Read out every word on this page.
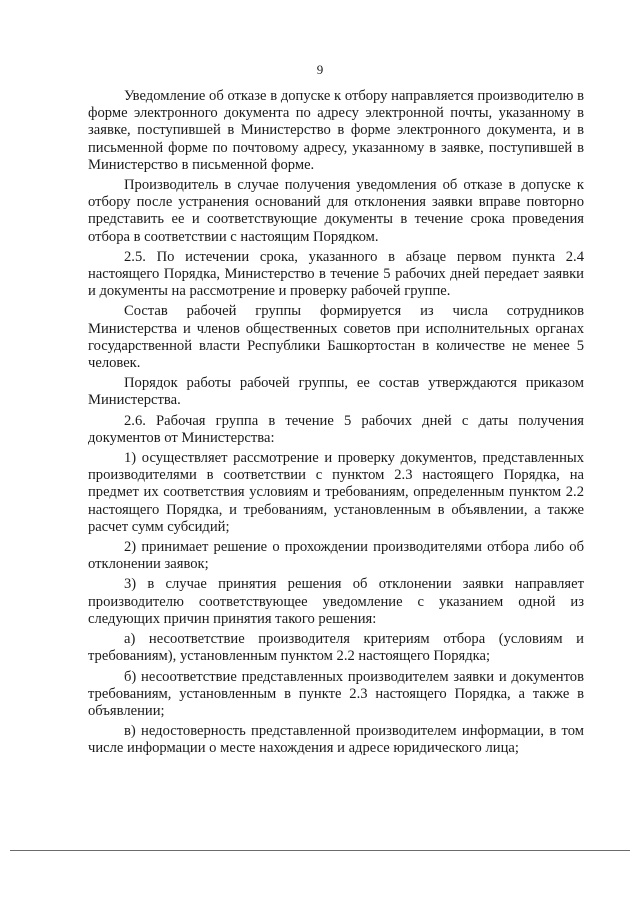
9

Уведомление об отказе в допуске к отбору направляется производителю в форме электронного документа по адресу электронной почты, указанному в заявке, поступившей в Министерство в форме электронного документа, и в письменной форме по почтовому адресу, указанному в заявке, поступившей в Министерство в письменной форме.

Производитель в случае получения уведомления об отказе в допуске к отбору после устранения оснований для отклонения заявки вправе повторно представить ее и соответствующие документы в течение срока проведения отбора в соответствии с настоящим Порядком.

2.5. По истечении срока, указанного в абзаце первом пункта 2.4 настоящего Порядка, Министерство в течение 5 рабочих дней передает заявки и документы на рассмотрение и проверку рабочей группе.

Состав рабочей группы формируется из числа сотрудников Министерства и членов общественных советов при исполнительных органах государственной власти Республики Башкортостан в количестве не менее 5 человек.

Порядок работы рабочей группы, ее состав утверждаются приказом Министерства.

2.6. Рабочая группа в течение 5 рабочих дней с даты получения документов от Министерства:

1) осуществляет рассмотрение и проверку документов, представленных производителями в соответствии с пунктом 2.3 настоящего Порядка, на предмет их соответствия условиям и требованиям, определенным пунктом 2.2 настоящего Порядка, и требованиям, установленным в объявлении, а также расчет сумм субсидий;

2) принимает решение о прохождении производителями отбора либо об отклонении заявок;

3) в случае принятия решения об отклонении заявки направляет производителю соответствующее уведомление с указанием одной из следующих причин принятия такого решения:

а) несоответствие производителя критериям отбора (условиям и требованиям), установленным пунктом 2.2 настоящего Порядка;

б) несоответствие представленных производителем заявки и документов требованиям, установленным в пункте 2.3 настоящего Порядка, а также в объявлении;

в) недостоверность представленной производителем информации, в том числе информации о месте нахождения и адресе юридического лица;
